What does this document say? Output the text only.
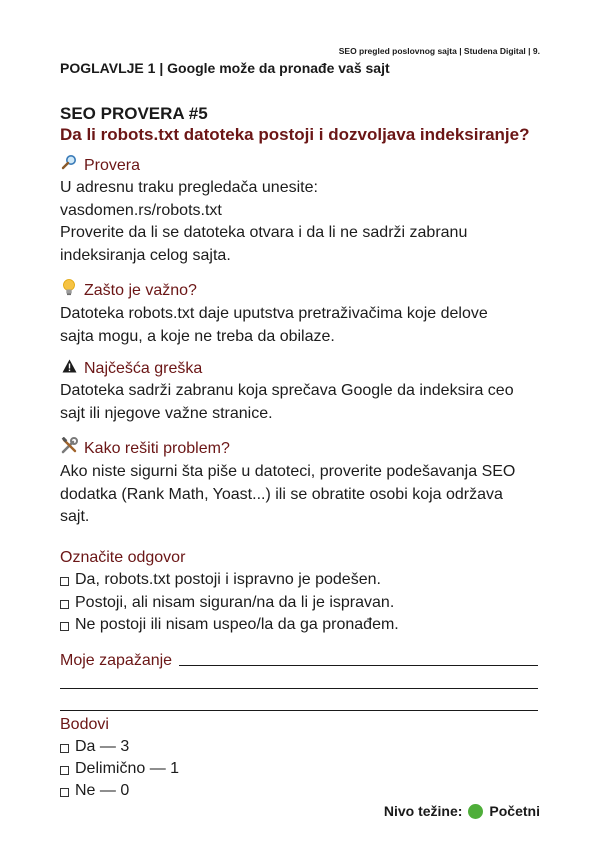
SEO pregled poslovnog sajta | Studena Digital | 9.
POGLAVLJE 1 | Google može da pronađe vaš sajt
SEO PROVERA #5
Da li robots.txt datoteka postoji i dozvoljava indeksiranje?
Provera
U adresnu traku pregledača unesite:
vasdomen.rs/robots.txt
Proverite da li se datoteka otvara i da li ne sadrži zabranu
indeksiranja celog sajta.
Zašto je važno?
Datoteka robots.txt daje uputstva pretraživačima koje delove
sajta mogu, a koje ne treba da obilaze.
Najčešća greška
Datoteka sadrži zabranu koja sprečava Google da indeksira ceo
sajt ili njegove važne stranice.
Kako rešiti problem?
Ako niste sigurni šta piše u datoteci, proverite podešavanja SEO
dodatka (Rank Math, Yoast...) ili se obratite osobi koja održava
sajt.
Označite odgovor
Da, robots.txt postoji i ispravno je podešen.
Postoji, ali nisam siguran/na da li je ispravan.
Ne postoji ili nisam uspeo/la da ga pronađem.
Moje zapažanje
Bodovi
Da — 3
Delimično — 1
Ne — 0
Nivo težine: Početni
